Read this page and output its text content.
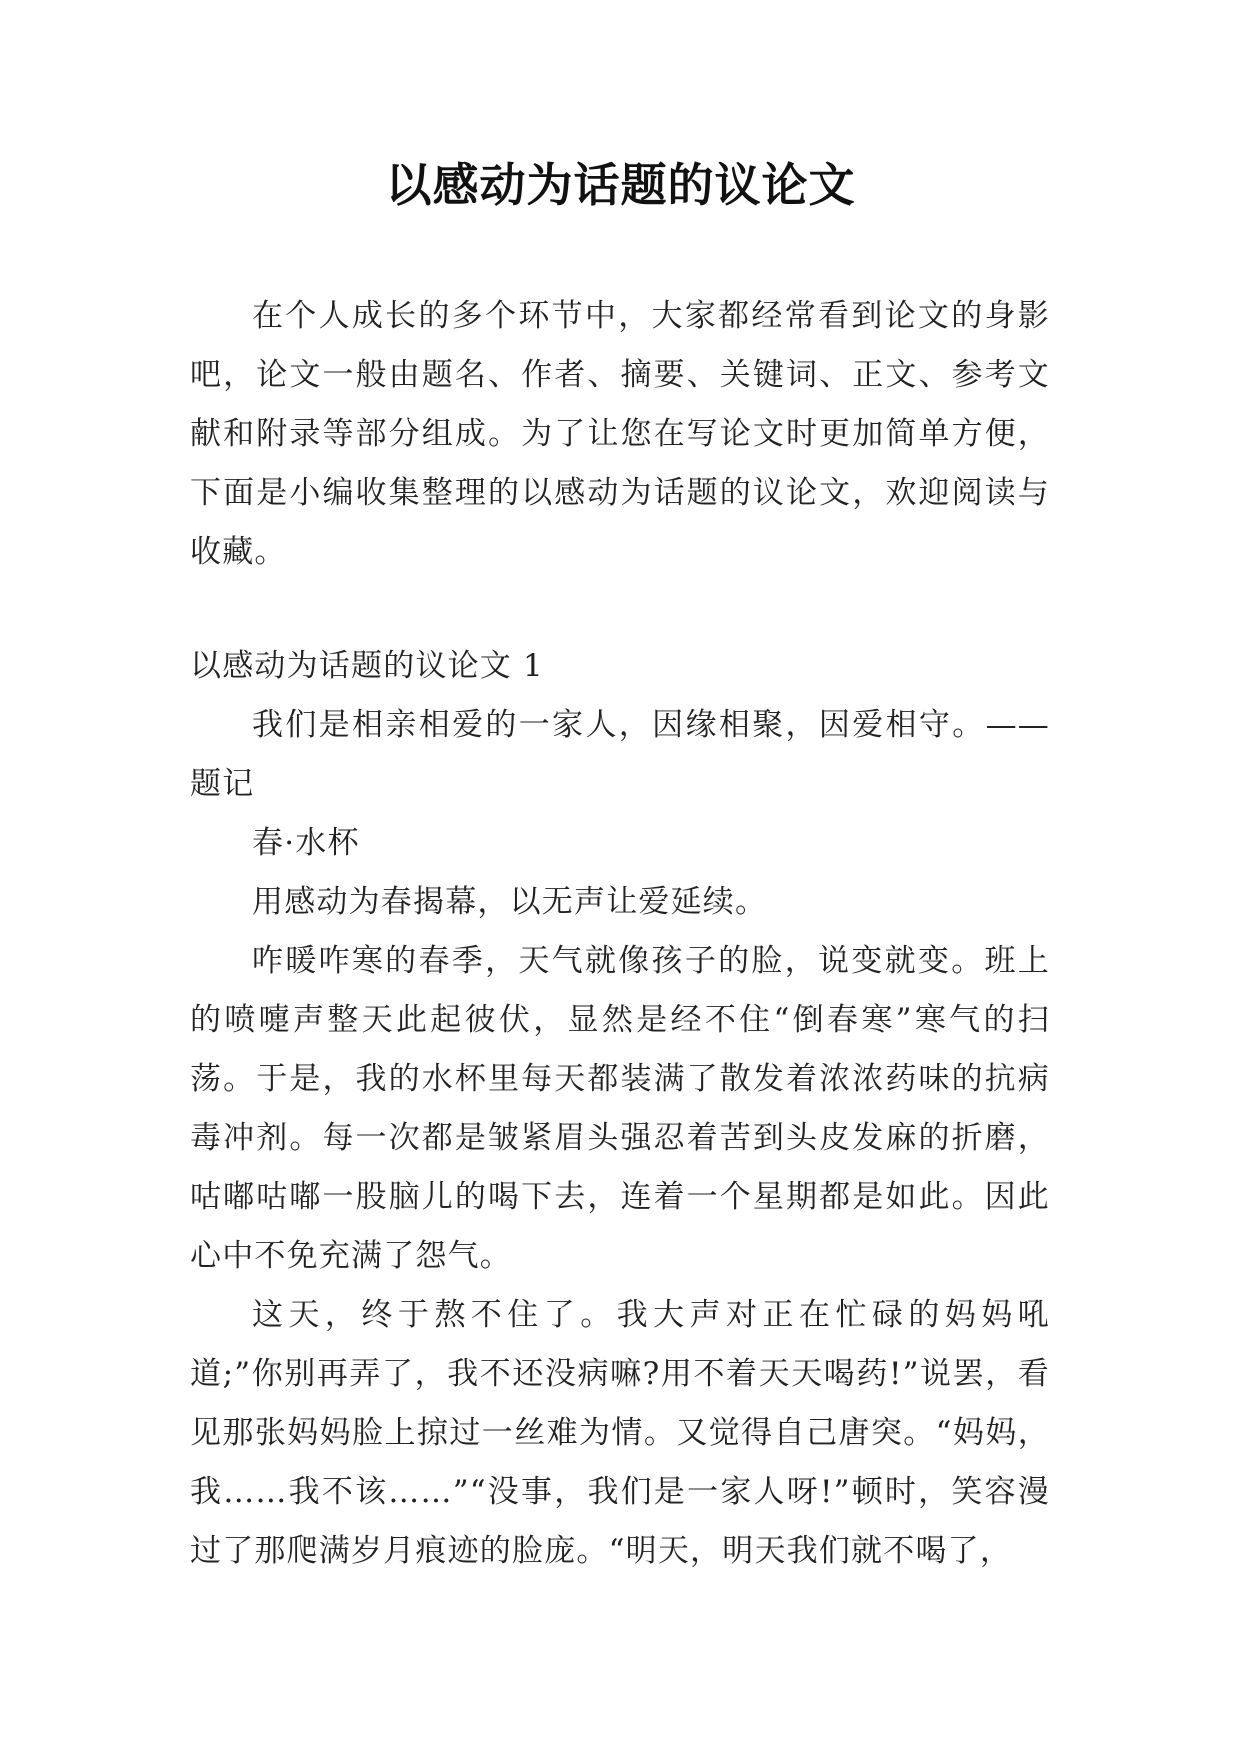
以感动为话题的议论文

在个人成长的多个环节中，大家都经常看到论文的身影吧，论文一般由题名、作者、摘要、关键词、正文、参考文献和附录等部分组成。为了让您在写论文时更加简单方便，下面是小编收集整理的以感动为话题的议论文，欢迎阅读与收藏。

以感动为话题的议论文 1

我们是相亲相爱的一家人，因缘相聚，因爱相守。——题记

春·水杯

用感动为春揭幕，以无声让爱延续。

咋暖咋寒的春季，天气就像孩子的脸，说变就变。班上的喷嚏声整天此起彼伏，显然是经不住“倒春寒”寒气的扫荡。于是，我的水杯里每天都装满了散发着浓浓药味的抗病毒冲剂。每一次都是皱紧眉头强忍着苦到头皮发麻的折磨，咕嘟咕嘟一股脑儿的喝下去，连着一个星期都是如此。因此心中不免充满了怨气。

这天，终于熬不住了。我大声对正在忙碌的妈妈吼道;”你别再弄了，我不还没病嘛?用不着天天喝药!”说罢，看见那张妈妈脸上掠过一丝难为情。又觉得自己唐突。“妈妈，我……我不该……”“没事，我们是一家人呀!”顿时，笑容漫过了那爬满岁月痕迹的脸庞。“明天，明天我们就不喝了，
